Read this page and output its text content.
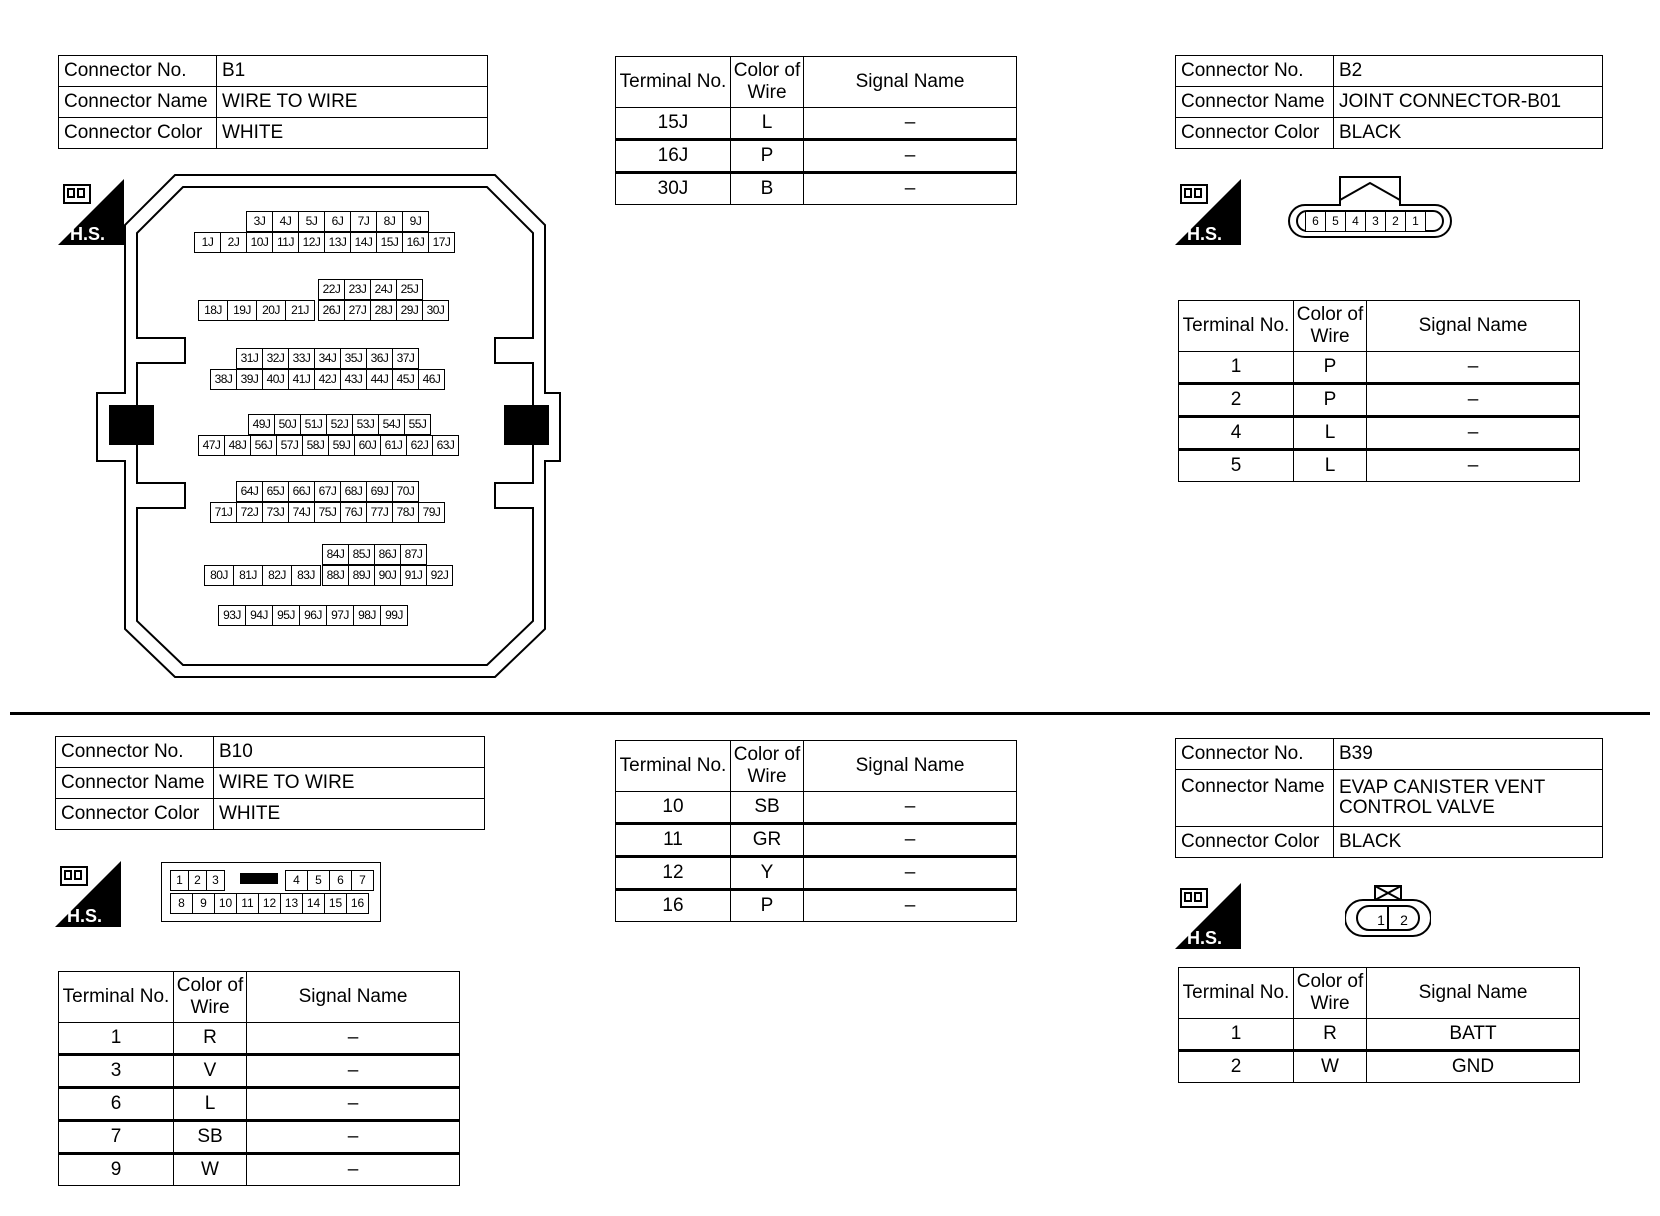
Connector No.	B1
Connector Name	WIRE TO WIRE
Connector Color	WHITE
H.S.
3J	4J	5J	6J	7J	8J	9J
1J	2J 10J 11J 12J 13J 14J 15J 16J 17J
22J 23J 24J 25J
18J 19J 20J 21J	26J 27J 28J 29J 30J
31J 32J 33J 34J 35J 36J 37J
38J 39J 40J 41J 42J 43J 44J 45J 46J
49J 50J 51J 52J 53J 54J 55J
47J 48J 56J 57J 58J 59J 60J 61J 62J 63J
64J 65J 66J 67J 68J 69J 70J
71J 72J 73J 74J 75J 76J 77J 78J 79J
84J 85J 86J 87J
80J 81J 82J 83J 88J 89J 90J 91J 92J
93J 94J 95J 96J 97J 98J 99J
Terminal No.	Color of
Wire	Signal Name
15J	L	–
16J	P	–
30J	B	–
Connector No.	B2
Connector Name	JOINT CONNECTOR-B01
Connector Color	BLACK
H.S.
6	5	4	3	2	1
Terminal No.	Color of
Wire	Signal Name
1	P	–
2	P	–
4	L	–
5	L	–
Connector No.	B10
Connector Name	WIRE TO WIRE
Connector Color	WHITE
H.S.
1 2 3	4	5	6	7
8	9 10 11 12 13 14 15 16
Terminal No.	Color of
Wire	Signal Name
1	R	–
3	V	–
6	L	–
7	SB	–
9	W	–
Terminal No.	Color of
Wire	Signal Name
10	SB	–
11	GR	–
12	Y	–
16	P	–
Connector No.	B39
Connector Name	EVAP CANISTER VENT
CONTROL VALVE
Connector Color	BLACK
H.S.
1 2
Terminal No.	Color of
Wire	Signal Name
1	R	BATT
2	W	GND
